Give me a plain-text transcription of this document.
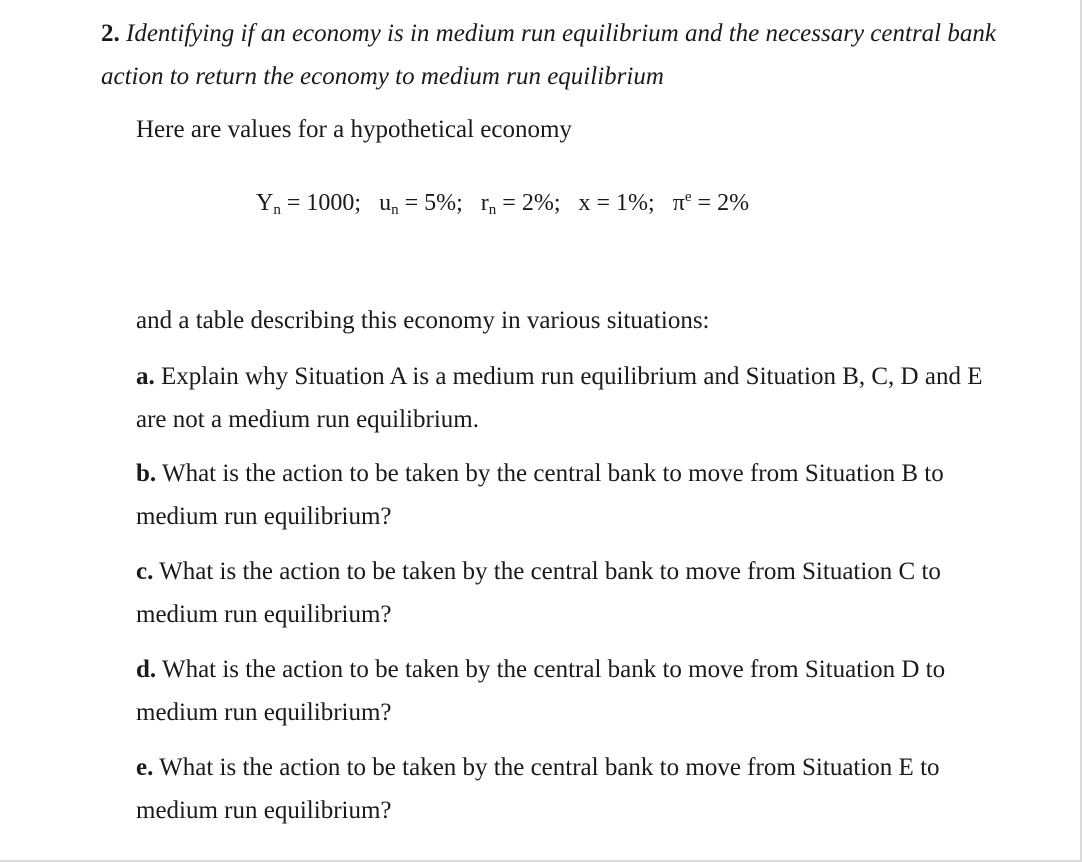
2. Identifying if an economy is in medium run equilibrium and the necessary central bank action to return the economy to medium run equilibrium
Here are values for a hypothetical economy
$Y_n = 1000$; $u_n = 5\%$; $r_n = 2\%$; x = 1%; $\pi^e = 2\%$
and a table describing this economy in various situations:
a. Explain why Situation A is a medium run equilibrium and Situation B, C, D and E are not a medium run equilibrium.
b. What is the action to be taken by the central bank to move from Situation B to medium run equilibrium?
c. What is the action to be taken by the central bank to move from Situation C to medium run equilibrium?
d. What is the action to be taken by the central bank to move from Situation D to medium run equilibrium?
e. What is the action to be taken by the central bank to move from Situation E to medium run equilibrium?
